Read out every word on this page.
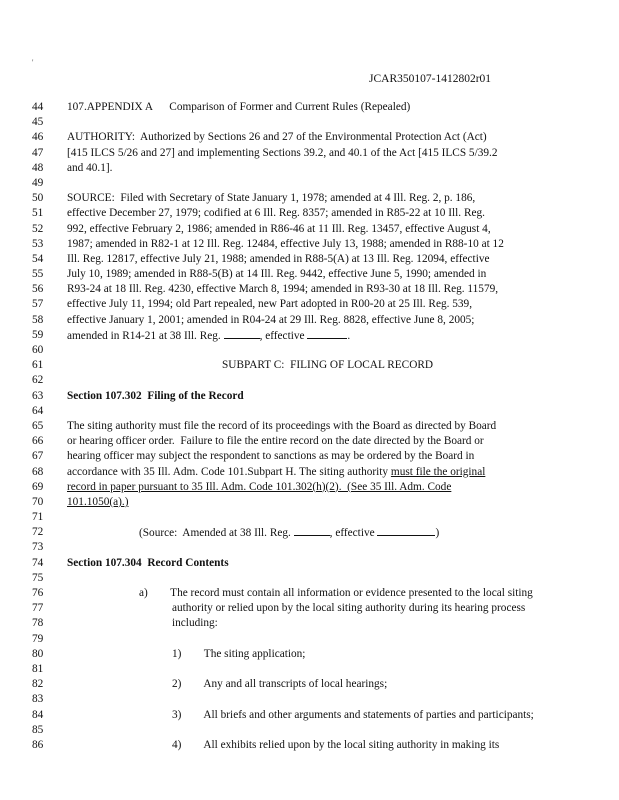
'
JCAR350107-1412802r01
44	107.APPENDIX A      Comparison of Former and Current Rules (Repealed)
45
46	AUTHORITY:  Authorized by Sections 26 and 27 of the Environmental Protection Act (Act)
47	[415 ILCS 5/26 and 27] and implementing Sections 39.2, and 40.1 of the Act [415 ILCS 5/39.2
48	and 40.1].
49
50	SOURCE:  Filed with Secretary of State January 1, 1978; amended at 4 Ill. Reg. 2, p. 186,
51	effective December 27, 1979; codified at 6 Ill. Reg. 8357; amended in R85-22 at 10 Ill. Reg.
52	992, effective February 2, 1986; amended in R86-46 at 11 Ill. Reg. 13457, effective August 4,
53	1987; amended in R82-1 at 12 Ill. Reg. 12484, effective July 13, 1988; amended in R88-10 at 12
54	Ill. Reg. 12817, effective July 21, 1988; amended in R88-5(A) at 13 Ill. Reg. 12094, effective
55	July 10, 1989; amended in R88-5(B) at 14 Ill. Reg. 9442, effective June 5, 1990; amended in
56	R93-24 at 18 Ill. Reg. 4230, effective March 8, 1994; amended in R93-30 at 18 Ill. Reg. 11579,
57	effective July 11, 1994; old Part repealed, new Part adopted in R00-20 at 25 Ill. Reg. 539,
58	effective January 1, 2001; amended in R04-24 at 29 Ill. Reg. 8828, effective June 8, 2005;
59	amended in R14-21 at 38 Ill. Reg.	, effective	.
60
61	SUBPART C:  FILING OF LOCAL RECORD
62
63	Section 107.302  Filing of the Record
64
65	The siting authority must file the record of its proceedings with the Board as directed by Board
66	or hearing officer order.  Failure to file the entire record on the date directed by the Board or
67	hearing officer may subject the respondent to sanctions as may be ordered by the Board in
68	accordance with 35 Ill. Adm. Code 101.Subpart H. The siting authority must file the original
69	record in paper pursuant to 35 Ill. Adm. Code 101.302(h)(2).  (See 35 Ill. Adm. Code
70	101.1050(a).)
71
72	(Source:  Amended at 38 Ill. Reg.	, effective	)
73
74	Section 107.304  Record Contents
75
76	a)        The record must contain all information or evidence presented to the local siting
77	authority or relied upon by the local siting authority during its hearing process
78	including:
79
80	1)        The siting application;
81
82	2)        Any and all transcripts of local hearings;
83
84	3)        All briefs and other arguments and statements of parties and participants;
85
86	4)        All exhibits relied upon by the local siting authority in making its
